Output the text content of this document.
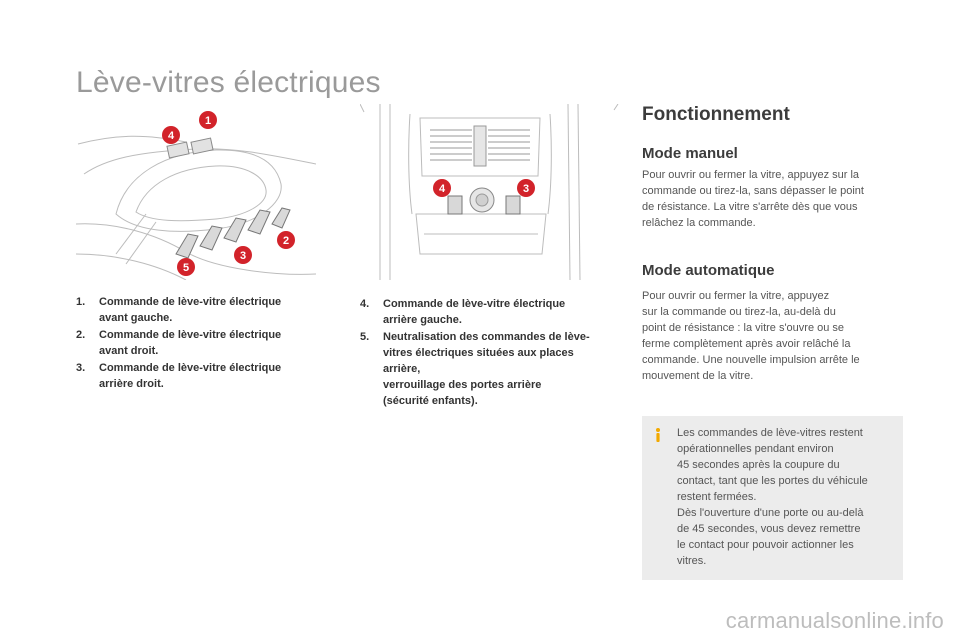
Lève-vitres électriques
1
4
2
3
5
4	3
1.	Commande de lève-vitre électrique
avant gauche.
2.	Commande de lève-vitre électrique
avant droit.
3.	Commande de lève-vitre électrique
arrière droit.
4.	Commande de lève-vitre électrique
arrière gauche.
5.	Neutralisation des commandes de lève-
vitres électriques situées aux places
arrière,
verrouillage des portes arrière
(sécurité enfants).
Fonctionnement
Mode manuel

Pour ouvrir ou fermer la vitre, appuyez sur la
commande ou tirez-la, sans dépasser le point
de résistance. La vitre s'arrête dès que vous
relâchez la commande.

Mode automatique

Pour ouvrir ou fermer la vitre, appuyez
sur la commande ou tirez-la, au-delà du
point de résistance : la vitre s'ouvre ou se
ferme complètement après avoir relâché la
commande. Une nouvelle impulsion arrête le
mouvement de la vitre.

Les commandes de lève-vitres restent
opérationnelles pendant environ
45 secondes après la coupure du
contact, tant que les portes du véhicule
restent fermées.
Dès l'ouverture d'une porte ou au-delà
de 45 secondes, vous devez remettre
le contact pour pouvoir actionner les
vitres.

carmanualsonline.info
